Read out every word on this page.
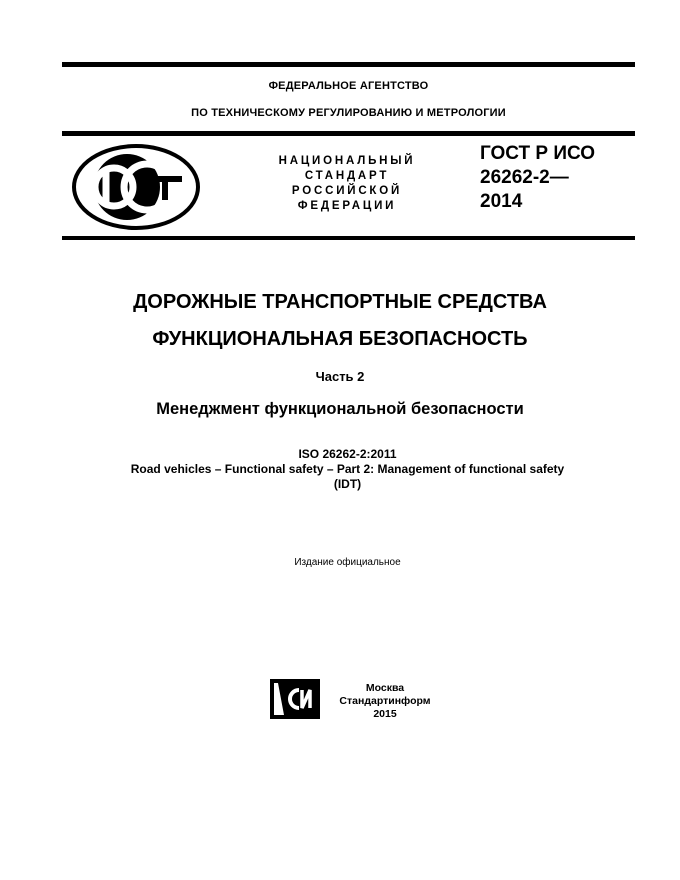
ФЕДЕРАЛЬНОЕ АГЕНТСТВО
ПО ТЕХНИЧЕСКОМУ РЕГУЛИРОВАНИЮ И МЕТРОЛОГИИ
НАЦИОНАЛЬНЫЙ
СТАНДАРТ
РОССИЙСКОЙ
ФЕДЕРАЦИИ
ГОСТ Р ИСО
26262-2—
2014
ДОРОЖНЫЕ ТРАНСПОРТНЫЕ СРЕДСТВА
ФУНКЦИОНАЛЬНАЯ БЕЗОПАСНОСТЬ
Часть 2
Менеджмент функциональной безопасности
ISO 26262-2:2011
Road vehicles – Functional safety – Part 2: Management of functional safety
(IDT)
Издание официальное
Москва
Стандартинформ
2015
